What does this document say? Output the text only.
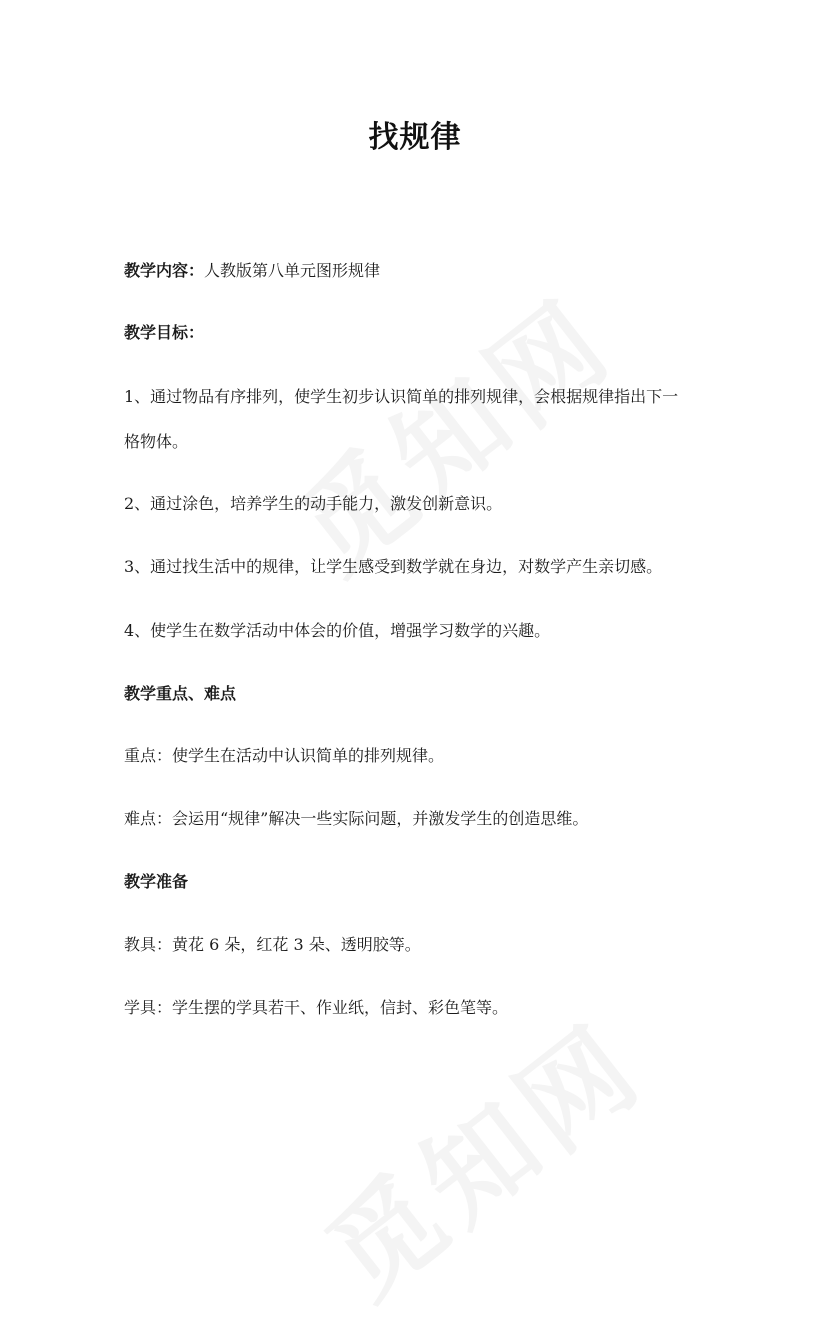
找规律
教学内容：人教版第八单元图形规律
教学目标：
1、通过物品有序排列，使学生初步认识简单的排列规律，会根据规律指出下一
格物体。
2、通过涂色，培养学生的动手能力，激发创新意识。
3、通过找生活中的规律，让学生感受到数学就在身边，对数学产生亲切感。
4、使学生在数学活动中体会的价值，增强学习数学的兴趣。
教学重点、难点
重点：使学生在活动中认识简单的排列规律。
难点：会运用“规律”解决一些实际问题，并激发学生的创造思维。
教学准备
教具：黄花 6 朵，红花 3 朵、透明胶等。
学具：学生摆的学具若干、作业纸，信封、彩色笔等。
